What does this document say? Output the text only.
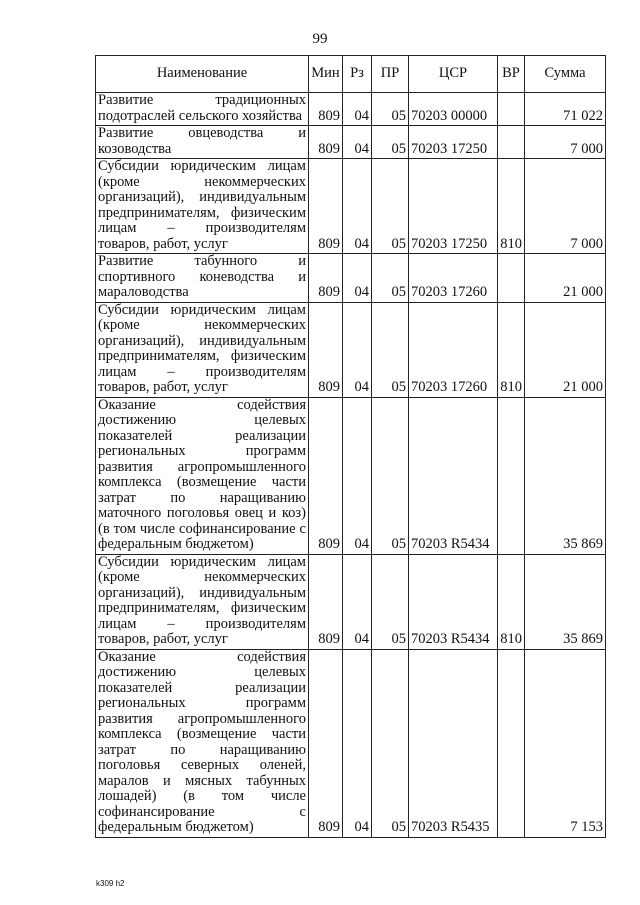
99
Наименование	Мин	Рз	ПР	ЦСР	ВР	Сумма
Развитие традиционных подотраслей сельского хозяйства	809	04	05	70203 00000		71 022
Развитие овцеводства и козоводства	809	04	05	70203 17250		7 000
Субсидии юридическим лицам (кроме некоммерческих организаций), индивидуальным предпринимателям, физическим лицам – производителям товаров, работ, услуг	809	04	05	70203 17250	810	7 000
Развитие табунного и спортивного коневодства и мараловодства	809	04	05	70203 17260		21 000
Субсидии юридическим лицам (кроме некоммерческих организаций), индивидуальным предпринимателям, физическим лицам – производителям товаров, работ, услуг	809	04	05	70203 17260	810	21 000
Оказание содействия достижению целевых показателей реализации региональных программ развития агропромышленного комплекса (возмещение части затрат по наращиванию маточного поголовья овец и коз) (в том числе софинансирование с федеральным бюджетом)	809	04	05	70203 R5434		35 869
Субсидии юридическим лицам (кроме некоммерческих организаций), индивидуальным предпринимателям, физическим лицам – производителям товаров, работ, услуг	809	04	05	70203 R5434	810	35 869
Оказание содействия достижению целевых показателей реализации региональных программ развития агропромышленного комплекса (возмещение части затрат по наращиванию поголовья северных оленей, маралов и мясных табунных лошадей) (в том числе софинансирование с федеральным бюджетом)	809	04	05	70203 R5435		7 153
k309 h2
